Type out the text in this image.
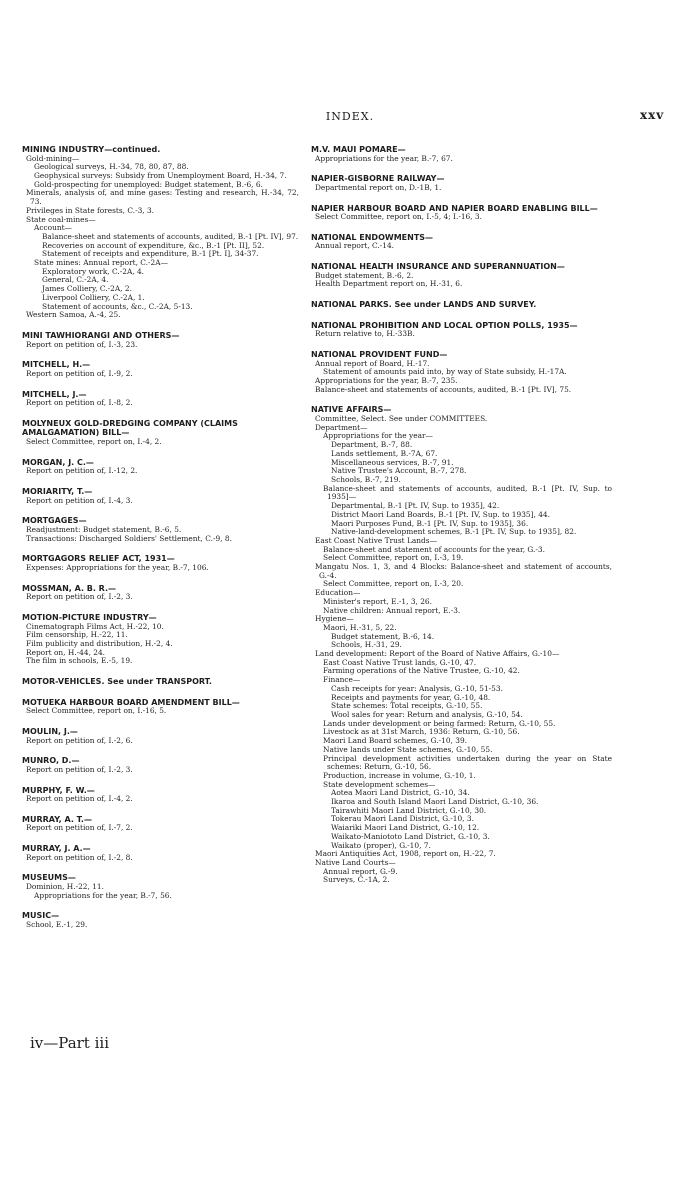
INDEX.	xxv
MINING INDUSTRY—continued.
Gold-mining—
Geological surveys, H.-34, 78, 80, 87, 88.
Geophysical surveys: Subsidy from Unemployment Board, H.-34, 7.
Gold-prospecting for unemployed: Budget statement, B.-6, 6.
Minerals, analysis of, and mine gases: Testing and research, H.-34, 72, 73.
Privileges in State forests, C.-3, 3.
State coal-mines—
Account—
Balance-sheet and statements of accounts, audited, B.-1 [Pt. IV], 97.
Recoveries on account of expenditure, &c., B.-1 [Pt. II], 52.
Statement of receipts and expenditure, B.-1 [Pt. I], 34-37.
State mines: Annual report, C.-2A—
Exploratory work, C.-2A, 4.
General, C.-2A, 4.
James Colliery, C.-2A, 2.
Liverpool Colliery, C.-2A, 1.
Statement of accounts, &c., C.-2A, 5-13.
Western Samoa, A.-4, 25.
MINI TAWHIORANGI AND OTHERS—
Report on petition of, I.-3, 23.
MITCHELL, H.—
Report on petition of, I.-9, 2.
MITCHELL, J.—
Report on petition of, I.-8, 2.
MOLYNEUX GOLD-DREDGING COMPANY (CLAIMS AMALGAMATION) BILL—
Select Committee, report on, I.-4, 2.
MORGAN, J. C.—
Report on petition of, I.-12, 2.
MORIARITY, T.—
Report on petition of, I.-4, 3.
MORTGAGES—
Readjustment: Budget statement, B.-6, 5.
Transactions: Discharged Soldiers' Settlement, C.-9, 8.
MORTGAGORS RELIEF ACT, 1931—
Expenses: Appropriations for the year, B.-7, 106.
MOSSMAN, A. B. R.—
Report on petition of, I.-2, 3.
MOTION-PICTURE INDUSTRY—
Cinematograph Films Act, H.-22, 10.
Film censorship, H.-22, 11.
Film publicity and distribution, H.-2, 4.
Report on, H.-44, 24.
The film in schools, E.-5, 19.
MOTOR-VEHICLES. See under TRANSPORT.
MOTUEKA HARBOUR BOARD AMENDMENT BILL—
Select Committee, report on, I.-16, 5.
MOULIN, J.—
Report on petition of, I.-2, 6.
MUNRO, D.—
Report on petition of, I.-2, 3.
MURPHY, F. W.—
Report on petition of, I.-4, 2.
MURRAY, A. T.—
Report on petition of, I.-7, 2.
MURRAY, J. A.—
Report on petition of, I.-2, 8.
MUSEUMS—
Dominion, H.-22, 11.
Appropriations for the year, B.-7, 56.
MUSIC—
School, E.-1, 29.
M.V. MAUI POMARE—
Appropriations for the year, B.-7, 67.
NAPIER-GISBORNE RAILWAY—
Departmental report on, D.-1B, 1.
NAPIER HARBOUR BOARD AND NAPIER BOARD ENABLING BILL—
Select Committee, report on, I.-5, 4; I.-16, 3.
NATIONAL ENDOWMENTS—
Annual report, C.-14.
NATIONAL HEALTH INSURANCE AND SUPERANNUATION—
Budget statement, B.-6, 2.
Health Department report on, H.-31, 6.
NATIONAL PARKS. See under LANDS AND SURVEY.
NATIONAL PROHIBITION AND LOCAL OPTION POLLS, 1935—
Return relative to, H.-33B.
NATIONAL PROVIDENT FUND—
Annual report of Board, H.-17.
Statement of amounts paid into, by way of State subsidy, H.-17A.
Appropriations for the year, B.-7, 235.
Balance-sheet and statements of accounts, audited, B.-1 [Pt. IV], 75.
NATIVE AFFAIRS—
Committee, Select. See under COMMITTEES.
Department—
Appropriations for the year—
Department, B.-7, 88.
Lands settlement, B.-7A, 67.
Miscellaneous services, B.-7, 91.
Native Trustee's Account, B.-7, 278.
Schools, B.-7, 219.
Balance-sheet and statements of accounts, audited, B.-1 [Pt. IV, Sup. to 1935]—
Departmental, B.-1 [Pt. IV, Sup. to 1935], 42.
District Maori Land Boards, B.-1 [Pt. IV, Sup. to 1935], 44.
Maori Purposes Fund, B.-1 [Pt. IV, Sup. to 1935], 36.
Native-land-development schemes, B.-1 [Pt. IV, Sup. to 1935], 82.
East Coast Native Trust Lands—
Balance-sheet and statement of accounts for the year, G.-3.
Select Committee, report on, I.-3, 19.
Mangatu Nos. 1, 3, and 4 Blocks: Balance-sheet and statement of accounts, G.-4.
Select Committee, report on, I.-3, 20.
Education—
Minister's report, E.-1, 3, 26.
Native children: Annual report, E.-3.
Hygiene—
Maori, H.-31, 5, 22.
Budget statement, B.-6, 14.
Schools, H.-31, 29.
Land development: Report of the Board of Native Affairs, G.-10—
East Coast Native Trust lands, G.-10, 47.
Farming operations of the Native Trustee, G.-10, 42.
Finance—
Cash receipts for year: Analysis, G.-10, 51-53.
Receipts and payments for year, G.-10, 48.
State schemes: Total receipts, G.-10, 55.
Wool sales for year: Return and analysis, G.-10, 54.
Lands under development or being farmed: Return, G.-10, 55.
Livestock as at 31st March, 1936: Return, G.-10, 56.
Maori Land Board schemes, G.-10, 39.
Native lands under State schemes, G.-10, 55.
Principal development activities undertaken during the year on State schemes: Return, G.-10, 56.
Production, increase in volume, G.-10, 1.
State development schemes—
Aotea Maori Land District, G.-10, 34.
Ikaroa and South Island Maori Land District, G.-10, 36.
Tairawhiti Maori Land District, G.-10, 30.
Tokerau Maori Land District, G.-10, 3.
Waiariki Maori Land District, G.-10, 12.
Waikato-Maniototo Land District, G.-10, 3.
Waikato (proper), G.-10, 7.
Maori Antiquities Act, 1908, report on, H.-22, 7.
Native Land Courts—
Annual report, G.-9.
Surveys, C.-1A, 2.
iv—Part iii
